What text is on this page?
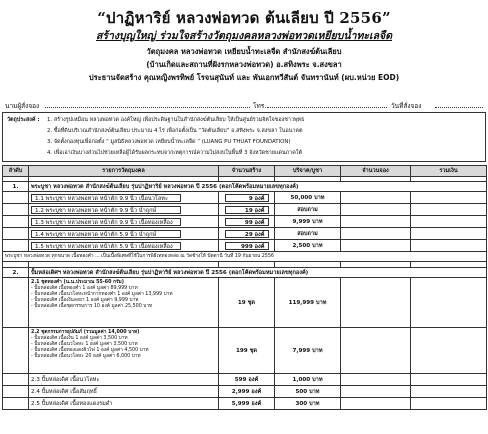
“ปาฏิหาริย์ หลวงพ่อทวด ต้นเลียบ ปี 2556”
สร้างบุญใหญ่ ร่วมใจสร้างวัตถุมงคลหลวงพ่อทวดเหยียบน้ำทะเลจืด
วัตถุมงคล หลวงพ่อทวด เหยียบน้ำทะเลจืด สำนักสงฆ์ต้นเลียบ
(บ้านเกิดและสถานที่ฝังรกหลวงพ่อทวด) อ.สทิงพระ จ.สงขลา
ประธานจัดสร้าง คุณหญิงพรทิพย์ โรจนสุนันท์ และ พันเอกทวีสันต์ จันทรานันท์ (ผบ.หน่วย EOD)
นามผู้สั่งจอง	โทร.	วันที่สั่งจอง
วัตถุประสงค์ : 1. สร้างรูปเหมือน หลวงพ่อทวด องค์ใหญ่ เพื่อประดิษฐานในสำนักสงฆ์ต้นเลียบ ให้เป็นศูนย์รวมจิตใจของชาวพุทธ
2. ซื้อที่ดินบริเวณสำนักสงฆ์ต้นเลียบ ประมาณ 4 ไร่ เพื่อก่อตั้งเป็น “วัดต้นเลียบ” อ.สทิงพระ จ.สงขลา ในอนาคต
3. จัดตั้งกองทุนเพื่อก่อตั้ง “ มูลนิธิหลวงพ่อทวด เหยียบน้ำทะเลจืด ” (LUANG PU THUAT FOUNDATION)
4. เพื่อเอาเงินบางส่วนไปช่วยเหลือผู้ได้รับผลกระทบจากเหตุการณ์ความไม่สงบในพื้นที่ 3 จังหวัดชายแดนภาคใต้
ลำดับ	รายการวัตถุมงคล	จำนวนสร้าง	บริจาค/บูชา	จำนวนจอง	รวมเงิน

1.	พระบูชา หลวงพ่อทวด สำนักสงฆ์ต้นเลียบ รุ่นปาฏิหาริย์ หลวงพ่อทวด ปี 2556 (ตอกโค้ดพร้อมหมายเลขทุกองค์)				
	1.1 พระบูชา หลวงพ่อทวด หน้าตัก 9.9 นิ้ว เนื้อนวโลหะ	9 องค์	50,000 บาท		
	1.2 พระบูชา หลวงพ่อทวด หน้าตัก 9.9 นิ้ว นำฤกษ์	19 องค์	สอบถาม		
	1.3 พระบูชา หลวงพ่อทวด หน้าตัก 9.9 นิ้ว เนื้อทองเหลือง	99 องค์	9,999 บาท		
	1.4 พระบูชา หลวงพ่อทวด หน้าตัก 5.9 นิ้ว นำฤกษ์	29 องค์	สอบถาม		
	1.5 พระบูชา หลวงพ่อทวด หน้าตัก 5.9 นิ้ว เนื้อทองเหลือง	999 องค์	2,500 บาท		
พระบูชา หลวงพ่อทวด ทุกขนาด เนื้อทองคำ ... เป็นเนื้อพิเศษที่ใช้ในการพิธีเททองหล่อ ณ วัดช้างให้ ปัตตานี วันที่ 19 กันยายน 2556					

2.	ปั้มหล่อเดิศฯ หลวงพ่อทวด สำนักสงฆ์ต้นเลียบ รุ่นปาฏิหาริย์ หลวงพ่อทวด ปี 2556 (ตอกโค้ดพร้อมหมายเลขทุกองค์)				

	2.1 ชุดทองคำ (น.น.ประมาณ 55-60 กรัม)
- ปั้มหล่อเดิศ เนื้อทองคำ 1 องค์ มูลค่า 89,999 บาท
- ปั้มหล่อเดิศ เนื้อนวโลหะหน้ากากทองคำ 1 องค์ มูลค่า 13,999 บาท
- ปั้มหล่อเดิศ เนื้อเงินลงยา 1 องค์ มูลค่า 9,999 บาท
- ปั้มหล่อเดิศ เนื้อชุดกรรมการ 10 องค์ มูลค่า 25,500 บาท	19 ชุด	119,999 บาท		

	2.2 ชุดกรรมการอุปถัมภ์ (รวมมูลค่า 14,000 บาท)
- ปั้มหล่อเดิศ เนื้อเงิน 1 องค์ มูลค่า 3,500 บาท
- ปั้มหล่อเดิศ เนื้อนวโลหะ 1 องค์ มูลค่า 3,500 บาท
- ปั้มหล่อเดิศ เนื้อทองแดงผิวไฟ 1 องค์ มูลค่า 4,500 บาท
- ปั้มหล่อเดิศ เนื้อนวโลหะ 20 องค์ มูลค่า 6,000 บาท	199 ชุด	7,999 บาท		
	2.3 ปั้มหล่อเดิศ เนื้อนวโลหะ	599 องค์	1,000 บาท		
	2.4 ปั้มหล่อเดิศ เนื้อสัมฤทธิ์	2,999 องค์	500 บาท		
	2.5 ปั้มหล่อเดิศ เนื้อทองแดงรมดำ	5,999 องค์	300 บาท		
